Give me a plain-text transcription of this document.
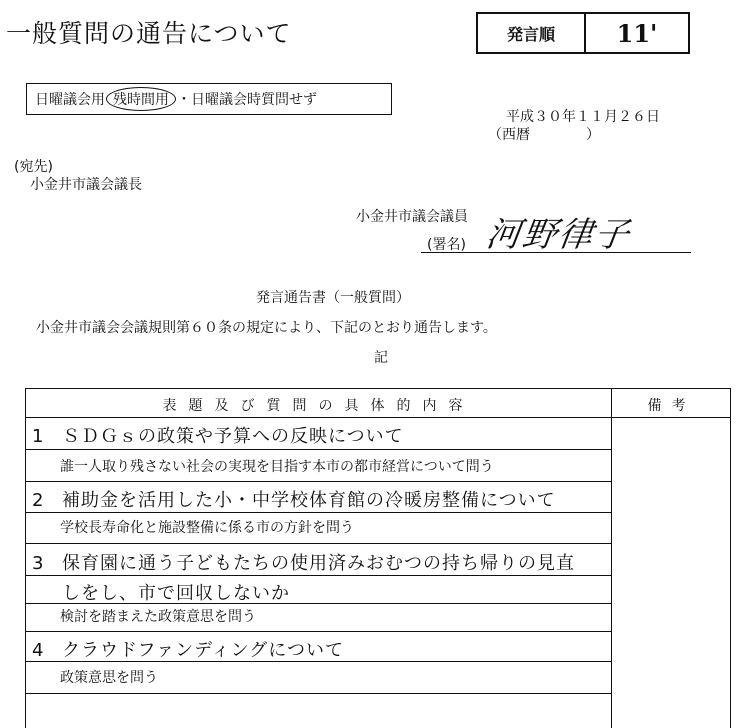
一般質問の通告について	発言順	11'
日曜議会用 残時間用 ・日曜議会時質問せず
平成３０年１１月２６日
（西暦　　　　）
(宛先)
小金井市議会議長
小金井市議会議員
(署名) 河野律子
発言通告書（一般質問）
小金井市議会会議規則第６０条の規定により、下記のとおり通告します。
記
表題及び質問の具体的内容	備考
1 ＳＤＧｓの政策や予算への反映について
誰一人取り残さない社会の実現を目指す本市の都市経営について問う
2 補助金を活用した小・中学校体育館の冷暖房整備について
学校長寿命化と施設整備に係る市の方針を問う
3 保育園に通う子どもたちの使用済みおむつの持ち帰りの見直
しをし、市で回収しないか
検討を踏まえた政策意思を問う
4 クラウドファンディングについて
政策意思を問う
